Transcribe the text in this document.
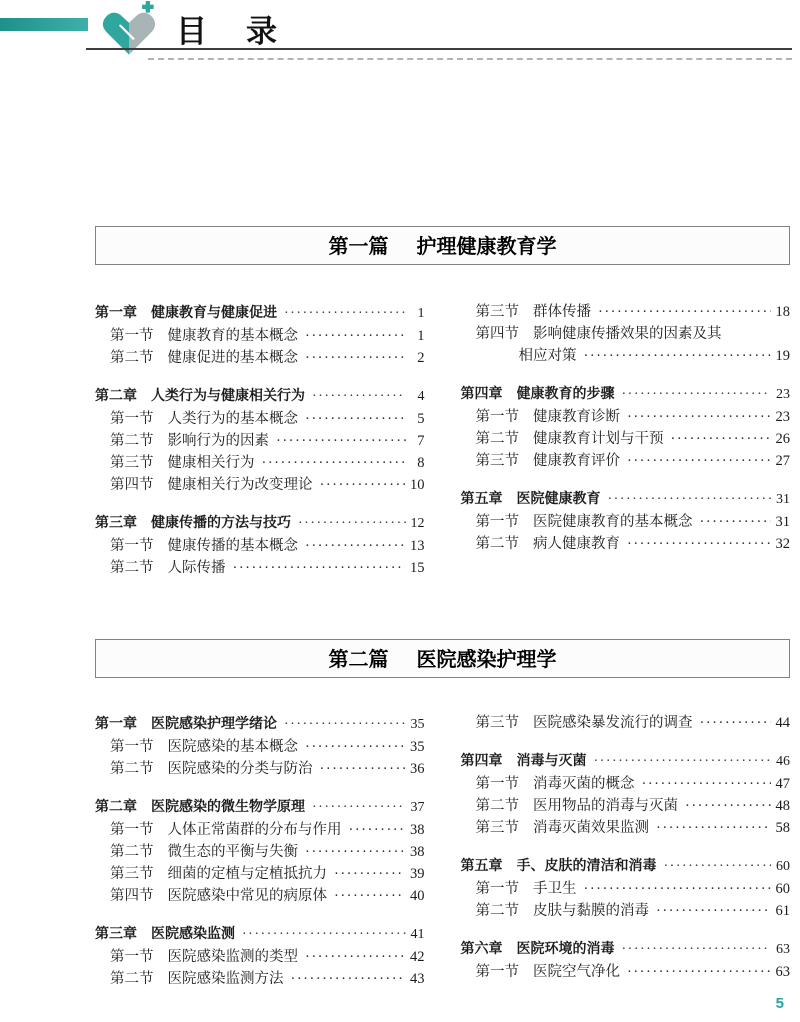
目　录
第一篇 护理健康教育学
第一章 健康教育与健康促进 ·····	1
第一节 健康教育的基本概念 ·····	1
第二节 健康促进的基本概念 ·····	2
第二章 人类行为与健康相关行为 ·····	4
第一节 人类行为的基本概念 ·····	5
第二节 影响行为的因素 ·····	7
第三节 健康相关行为 ·····	8
第四节 健康相关行为改变理论 ·····	10
第三章 健康传播的方法与技巧 ·····	12
第一节 健康传播的基本概念 ·····	13
第二节 人际传播 ·····	15
第三节 群体传播 ·····	18
第四节 影响健康传播效果的因素及其
相应对策 ·····	19
第四章 健康教育的步骤 ·····	23
第一节 健康教育诊断 ·····	23
第二节 健康教育计划与干预 ·····	26
第三节 健康教育评价 ·····	27
第五章 医院健康教育 ·····	31
第一节 医院健康教育的基本概念 ·····	31
第二节 病人健康教育 ·····	32
第二篇 医院感染护理学
第一章 医院感染护理学绪论 ·····	35
第一节 医院感染的基本概念 ·····	35
第二节 医院感染的分类与防治 ·····	36
第二章 医院感染的微生物学原理 ·····	37
第一节 人体正常菌群的分布与作用 ·····	38
第二节 微生态的平衡与失衡 ·····	38
第三节 细菌的定植与定植抵抗力 ·····	39
第四节 医院感染中常见的病原体 ·····	40
第三章 医院感染监测 ·····	41
第一节 医院感染监测的类型 ·····	42
第二节 医院感染监测方法 ·····	43
第三节 医院感染暴发流行的调查 ·····	44
第四章 消毒与灭菌 ·····	46
第一节 消毒灭菌的概念 ·····	47
第二节 医用物品的消毒与灭菌 ·····	48
第三节 消毒灭菌效果监测 ·····	58
第五章 手、皮肤的清洁和消毒 ·····	60
第一节 手卫生 ·····	60
第二节 皮肤与黏膜的消毒 ·····	61
第六章 医院环境的消毒 ·····	63
第一节 医院空气净化 ·····	63
5
